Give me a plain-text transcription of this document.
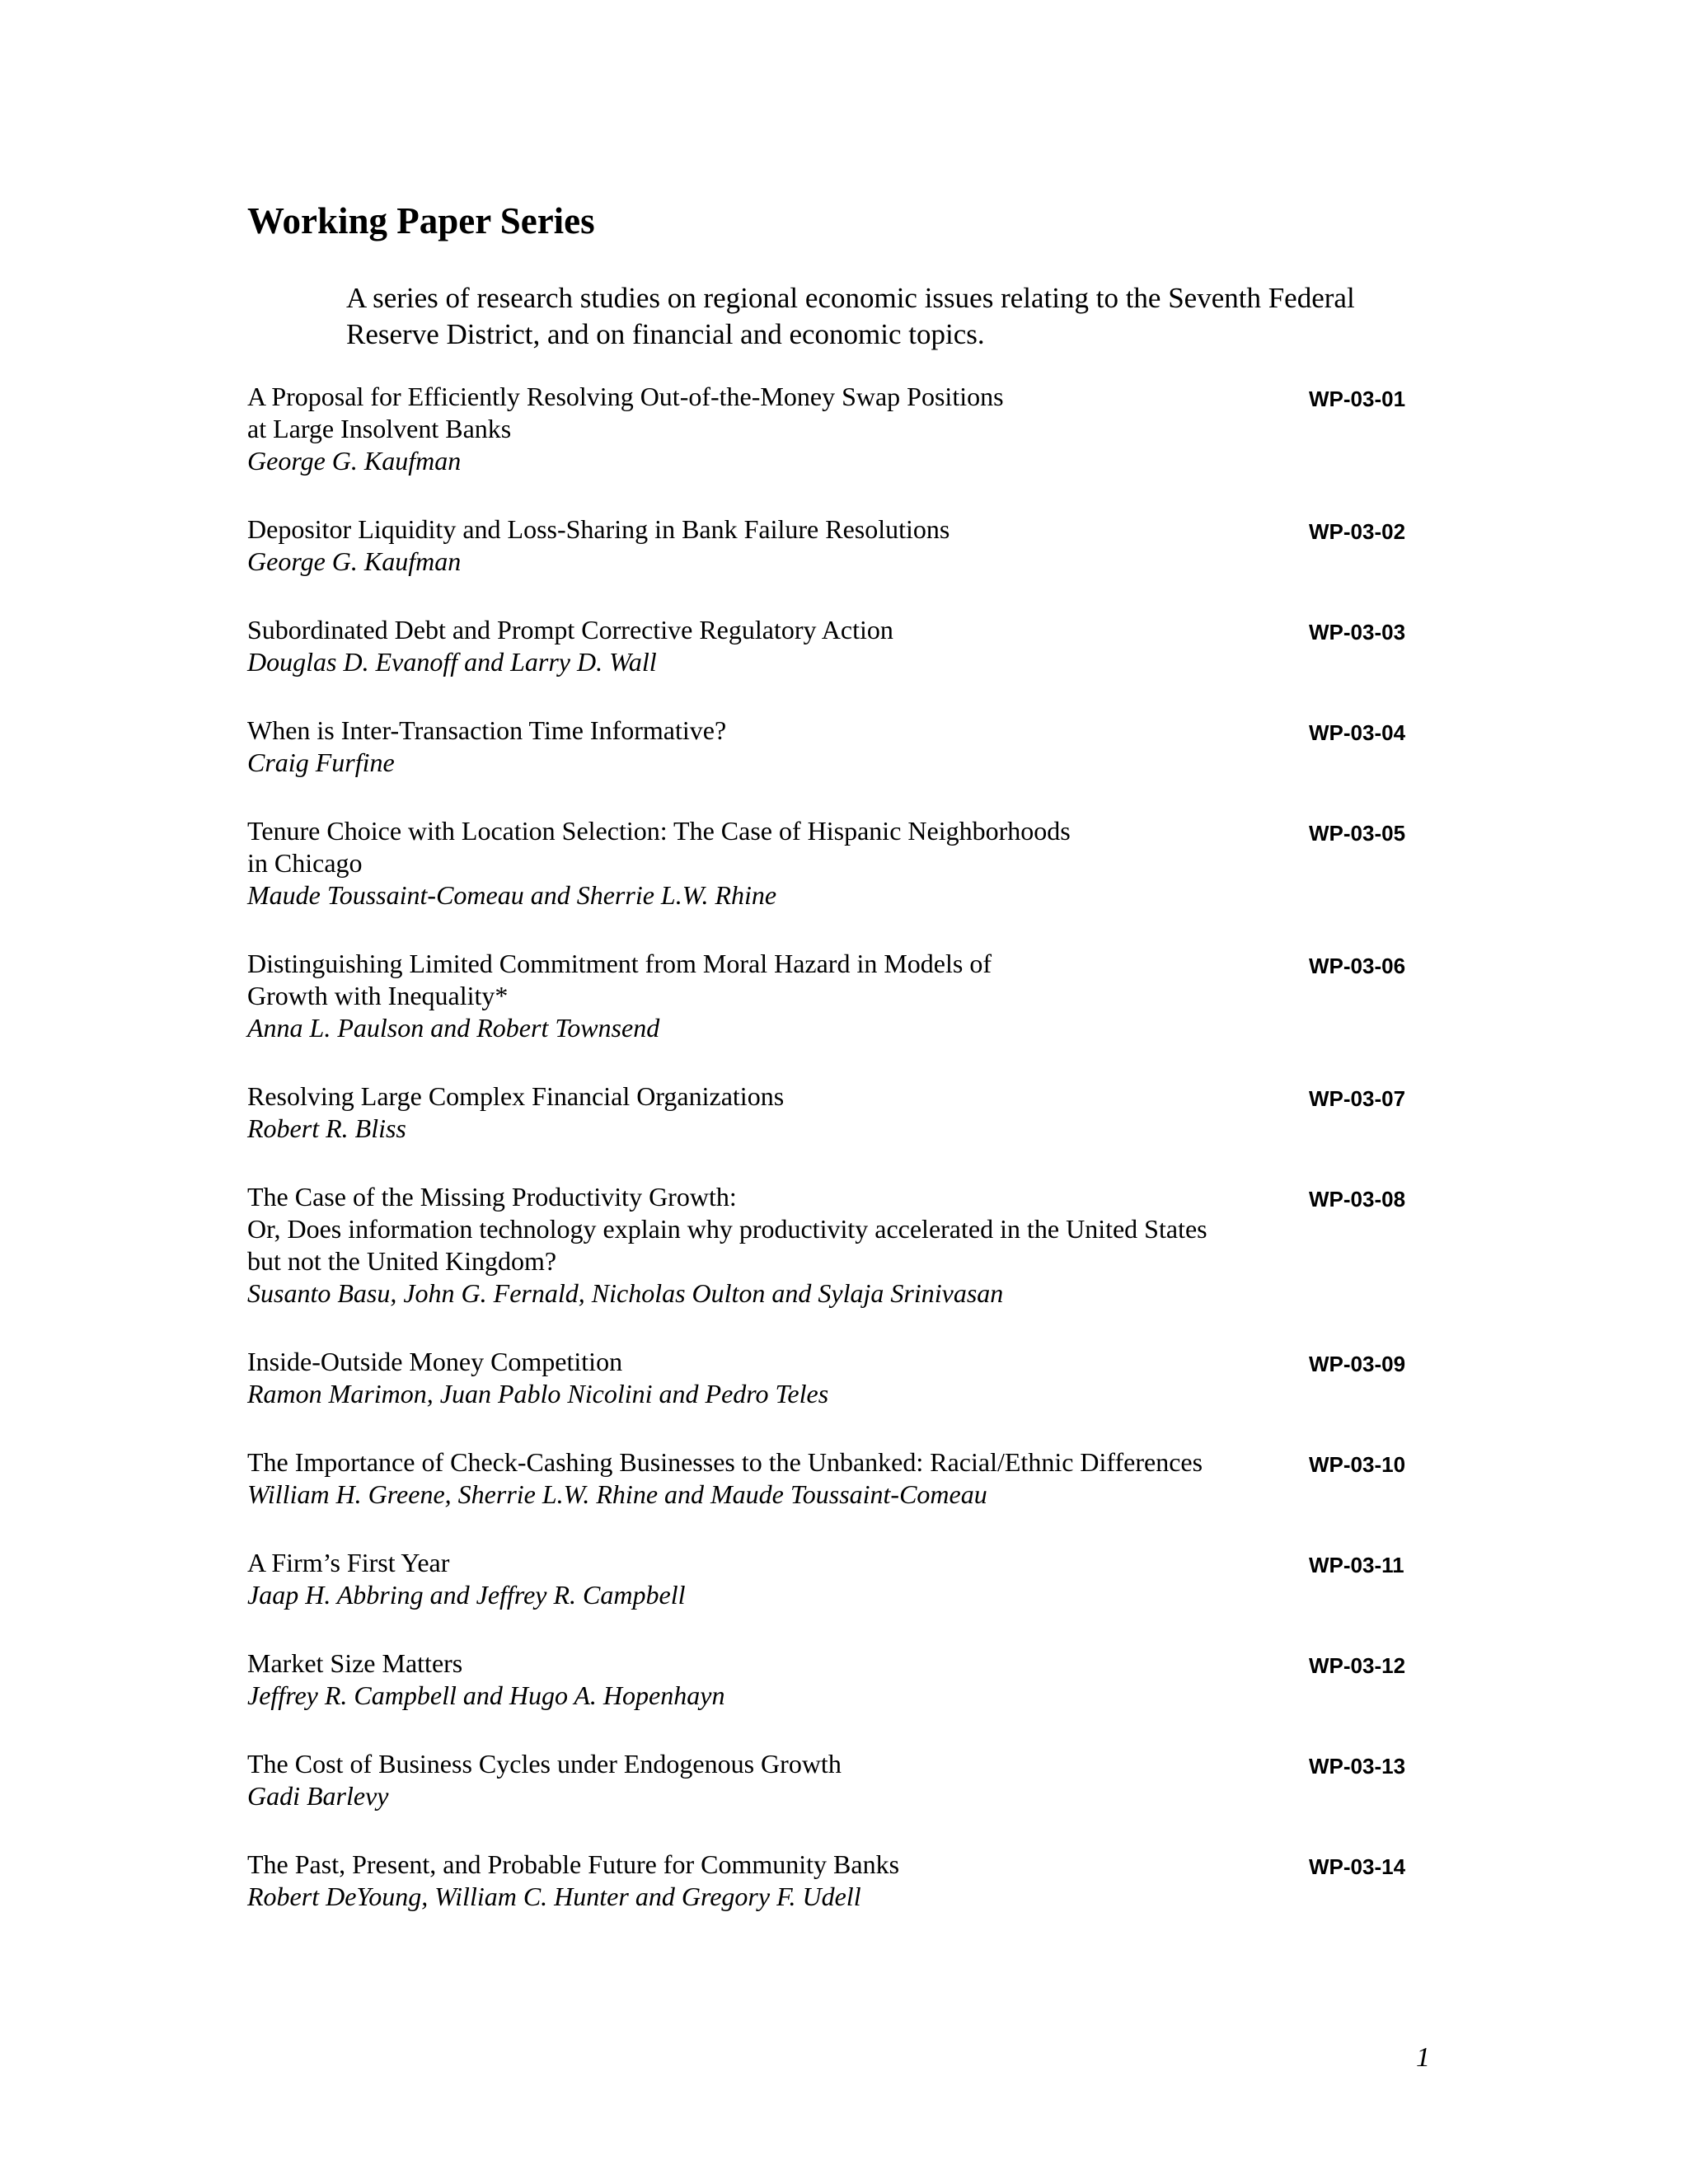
Working Paper Series

A series of research studies on regional economic issues relating to the Seventh Federal Reserve District, and on financial and economic topics.

A Proposal for Efficiently Resolving Out-of-the-Money Swap Positions

at Large Insolvent Banks

George G. Kaufman

WP-03-01

Depositor Liquidity and Loss-Sharing in Bank Failure Resolutions

George G. Kaufman

WP-03-02

Subordinated Debt and Prompt Corrective Regulatory Action

Douglas D. Evanoff and Larry D. Wall

WP-03-03

When is Inter-Transaction Time Informative?

Craig Furfine

WP-03-04

Tenure Choice with Location Selection: The Case of Hispanic Neighborhoods

in Chicago

Maude Toussaint-Comeau and Sherrie L.W. Rhine

WP-03-05

Distinguishing Limited Commitment from Moral Hazard in Models of

Growth with Inequality*

Anna L. Paulson and Robert Townsend

WP-03-06

Resolving Large Complex Financial Organizations

Robert R. Bliss

WP-03-07

The Case of the Missing Productivity Growth:

Or, Does information technology explain why productivity accelerated in the United States

but not the United Kingdom?

Susanto Basu, John G. Fernald, Nicholas Oulton and Sylaja Srinivasan

WP-03-08

Inside-Outside Money Competition

Ramon Marimon, Juan Pablo Nicolini and Pedro Teles

WP-03-09

The Importance of Check-Cashing Businesses to the Unbanked: Racial/Ethnic Differences

William H. Greene, Sherrie L.W. Rhine and Maude Toussaint-Comeau

WP-03-10

A Firm’s First Year

Jaap H. Abbring and Jeffrey R. Campbell

WP-03-11

Market Size Matters

Jeffrey R. Campbell and Hugo A. Hopenhayn

WP-03-12

The Cost of Business Cycles under Endogenous Growth

Gadi Barlevy

WP-03-13

The Past, Present, and Probable Future for Community Banks

Robert DeYoung, William C. Hunter and Gregory F. Udell

WP-03-14

1
